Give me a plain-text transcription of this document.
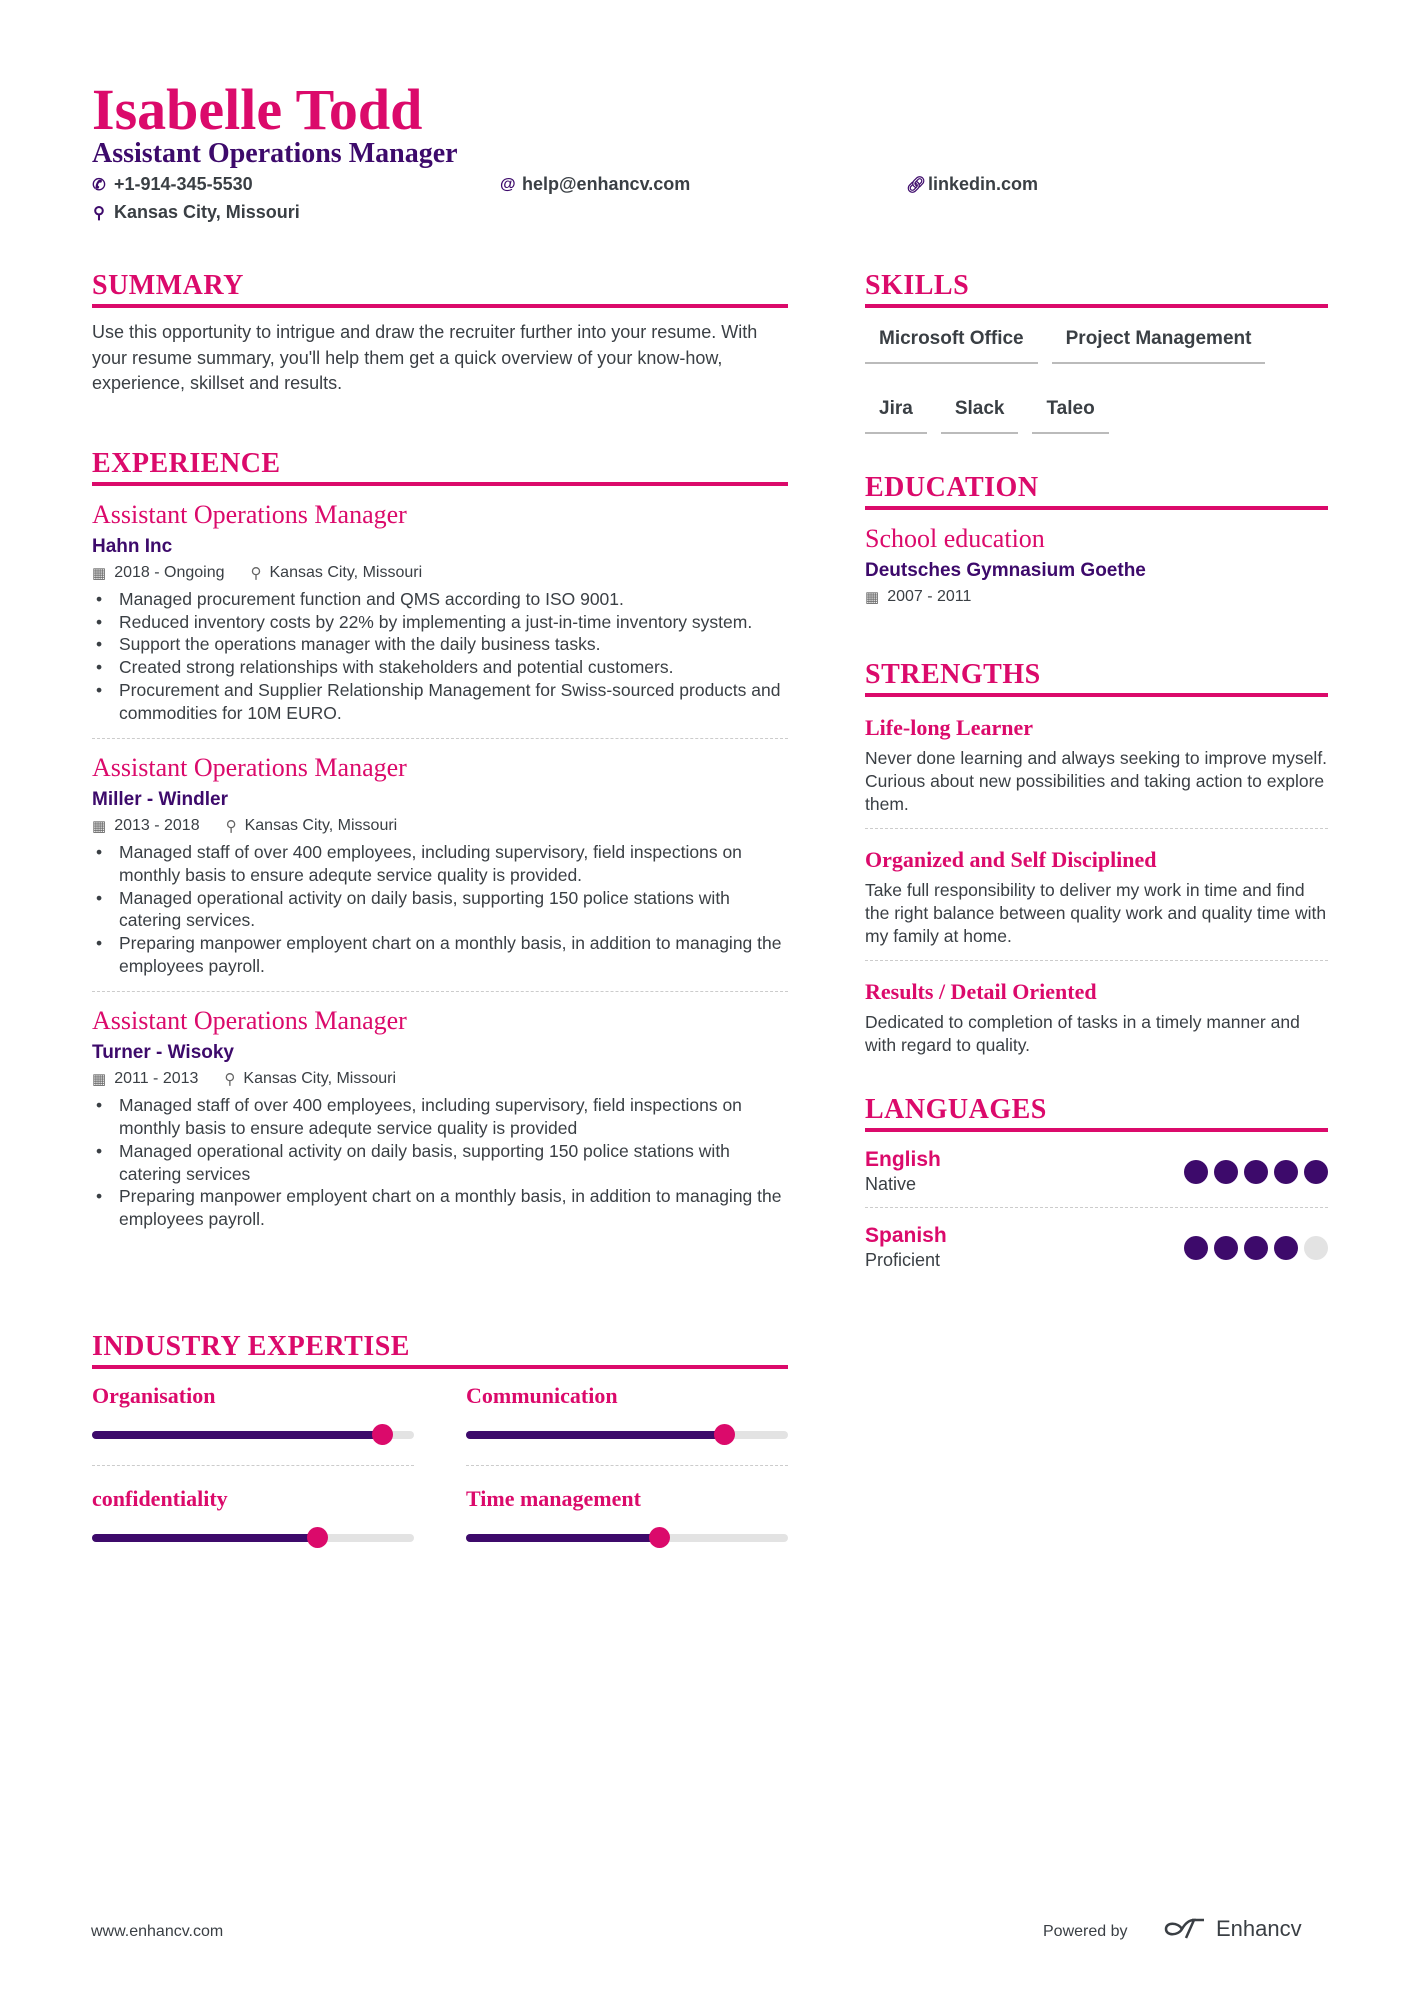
Isabelle Todd
Assistant Operations Manager
✆ +1-914-345-5530	@ help@enhancv.com	🔗︎ linkedin.com
⚲ Kansas City, Missouri
SUMMARY
Use this opportunity to intrigue and draw the recruiter further into your resume. With your resume summary, you'll help them get a quick overview of your know-how, experience, skillset and results.
EXPERIENCE
Assistant Operations Manager
Hahn Inc
▦ 2018 - Ongoing ⚲ Kansas City, Missouri
• Managed procurement function and QMS according to ISO 9001.
• Reduced inventory costs by 22% by implementing a just-in-time inventory system.
• Support the operations manager with the daily business tasks.
• Created strong relationships with stakeholders and potential customers.
• Procurement and Supplier Relationship Management for Swiss-sourced products and commodities for 10M EURO.
Assistant Operations Manager
Miller - Windler
▦ 2013 - 2018 ⚲ Kansas City, Missouri
• Managed staff of over 400 employees, including supervisory, field inspections on monthly basis to ensure adequte service quality is provided.
• Managed operational activity on daily basis, supporting 150 police stations with catering services.
• Preparing manpower employent chart on a monthly basis, in addition to managing the employees payroll.
Assistant Operations Manager
Turner - Wisoky
▦ 2011 - 2013 ⚲ Kansas City, Missouri
• Managed staff of over 400 employees, including supervisory, field inspections on monthly basis to ensure adequte service quality is provided
• Managed operational activity on daily basis, supporting 150 police stations with catering services
• Preparing manpower employent chart on a monthly basis, in addition to managing the employees payroll.
INDUSTRY EXPERTISE
Organisation	Communication
confidentiality	Time management
SKILLS
Microsoft Office Project Management
Jira Slack Taleo
EDUCATION
School education
Deutsches Gymnasium Goethe
▦ 2007 - 2011
STRENGTHS
Life-long Learner
Never done learning and always seeking to improve myself. Curious about new possibilities and taking action to explore them.
Organized and Self Disciplined
Take full responsibility to deliver my work in time and find the right balance between quality work and quality time with my family at home.
Results / Detail Oriented
Dedicated to completion of tasks in a timely manner and with regard to quality.
LANGUAGES
English
Native
Spanish
Proficient
www.enhancv.com	Powered by	Enhancv
